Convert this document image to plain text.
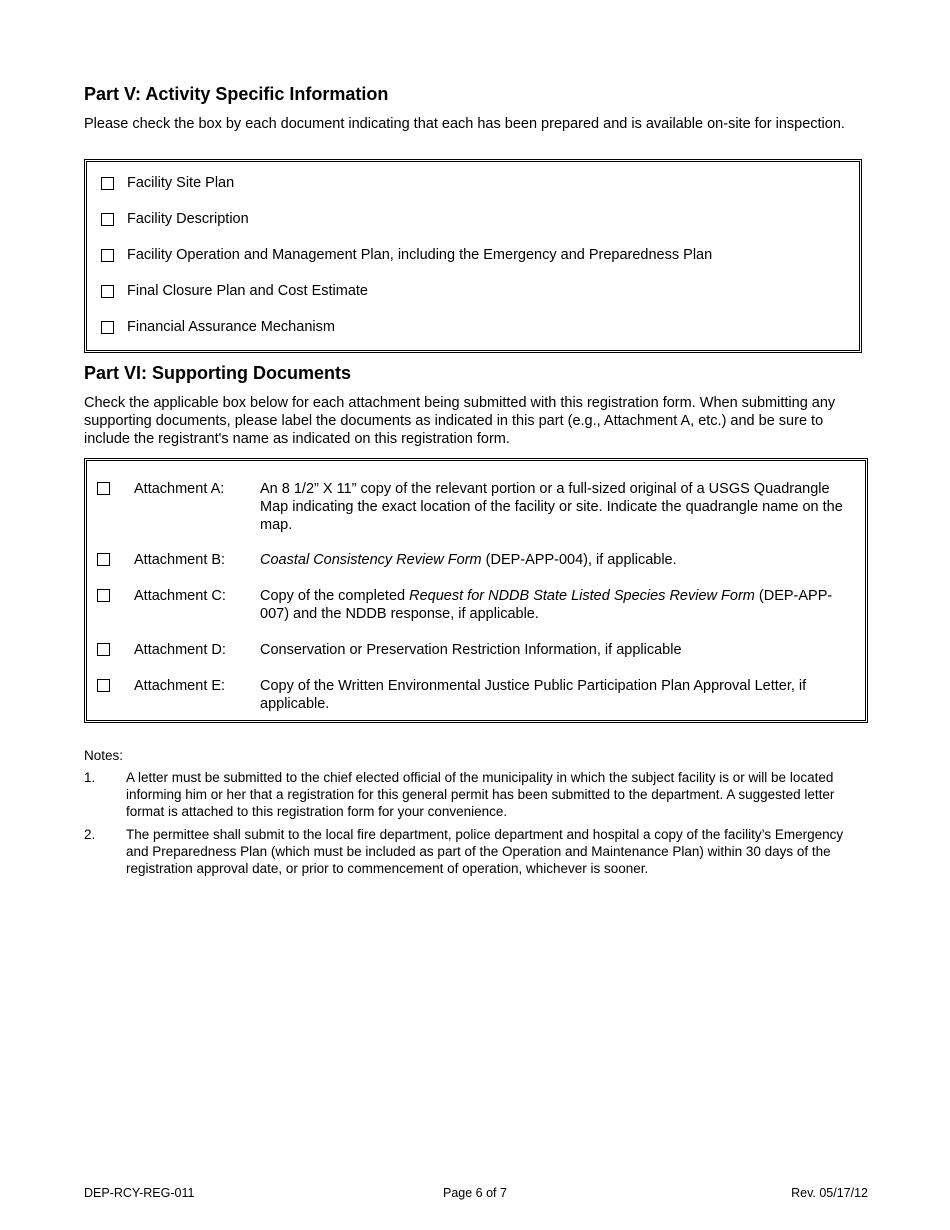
Part V: Activity Specific Information

Please check the box by each document indicating that each has been prepared and is available on-site for inspection.

Facility Site Plan
Facility Description
Facility Operation and Management Plan, including the Emergency and Preparedness Plan
Final Closure Plan and Cost Estimate
Financial Assurance Mechanism
Part VI: Supporting Documents

Check the applicable box below for each attachment being submitted with this registration form. When submitting any supporting documents, please label the documents as indicated in this part (e.g., Attachment A, etc.) and be sure to include the registrant's name as indicated on this registration form.

Attachment A: An 8 1/2” X 11” copy of the relevant portion or a full-sized original of a USGS Quadrangle Map indicating the exact location of the facility or site. Indicate the quadrangle name on the map.
Attachment B: Coastal Consistency Review Form (DEP-APP-004), if applicable.
Attachment C: Copy of the completed Request for NDDB State Listed Species Review Form (DEP-APP-007) and the NDDB response, if applicable.
Attachment D: Conservation or Preservation Restriction Information, if applicable
Attachment E: Copy of the Written Environmental Justice Public Participation Plan Approval Letter, if applicable.
Notes:
1. A letter must be submitted to the chief elected official of the municipality in which the subject facility is or will be located informing him or her that a registration for this general permit has been submitted to the department. A suggested letter format is attached to this registration form for your convenience.
2. The permittee shall submit to the local fire department, police department and hospital a copy of the facility’s Emergency and Preparedness Plan (which must be included as part of the Operation and Maintenance Plan) within 30 days of the registration approval date, or prior to commencement of operation, whichever is sooner.
DEP-RCY-REG-011	Page 6 of 7	Rev. 05/17/12
